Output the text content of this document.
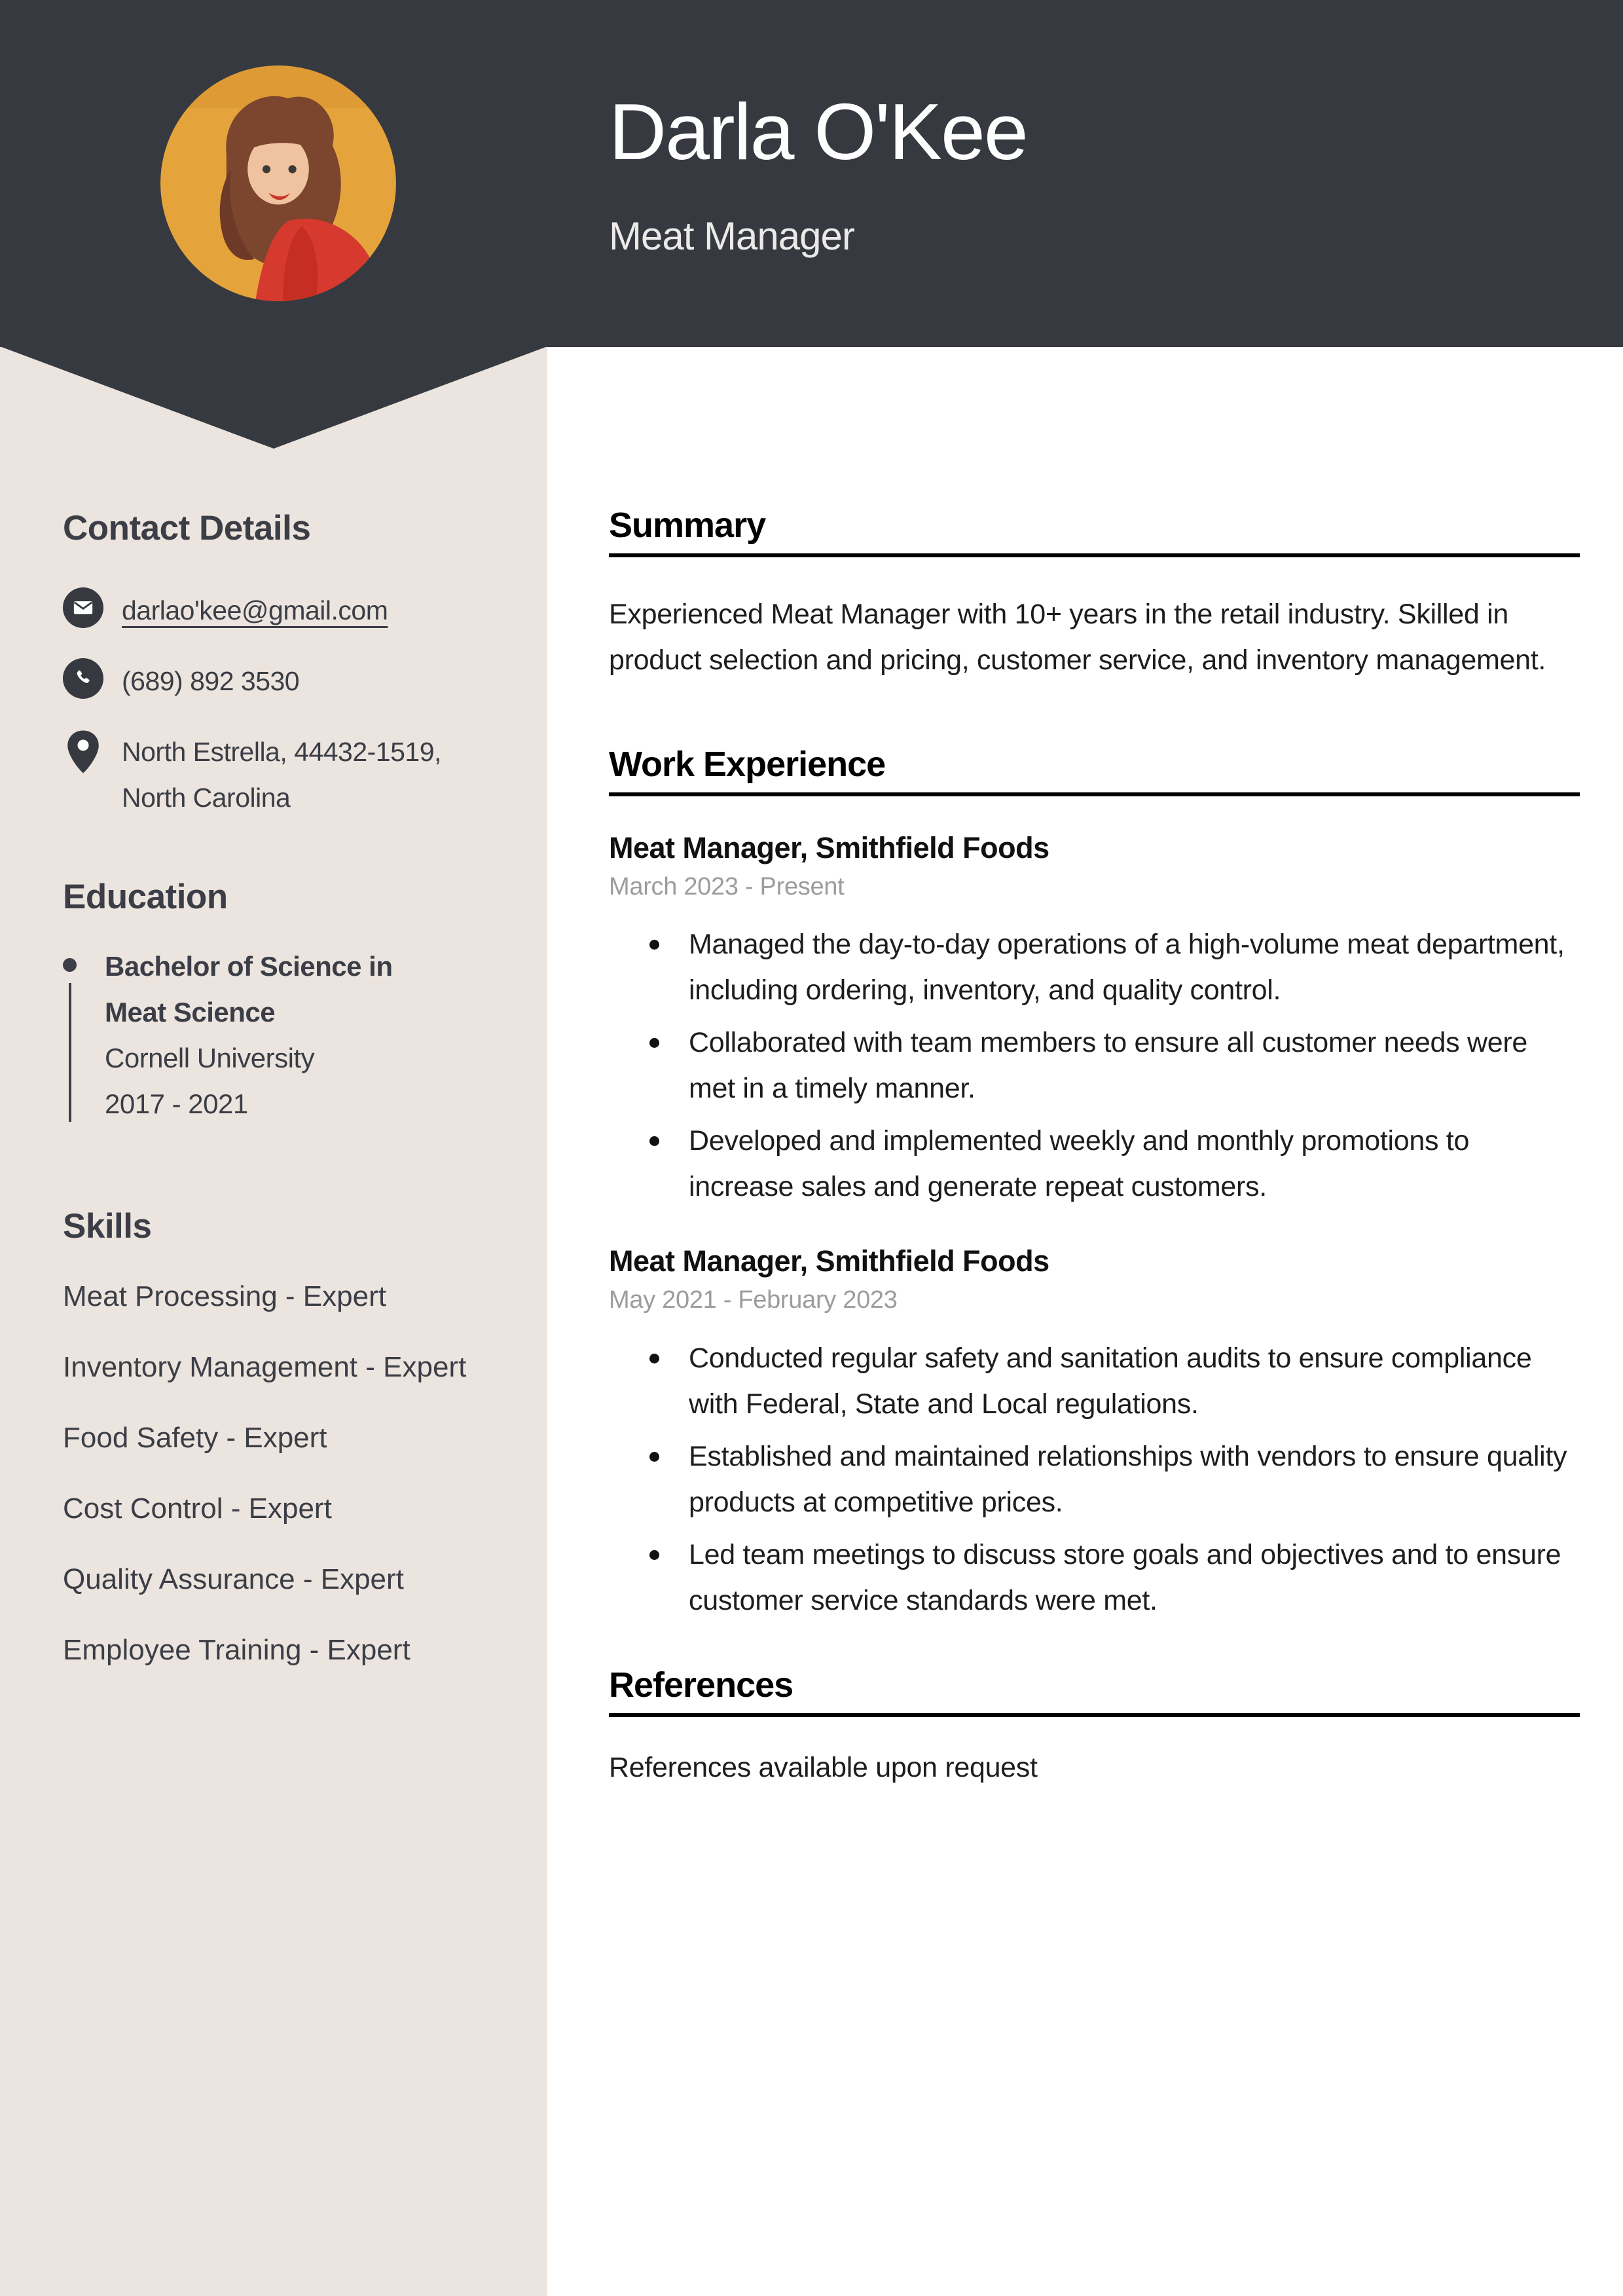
Contact Details
darlao'kee@gmail.com
(689) 892 3530
North Estrella, 44432-1519,
North Carolina
Education
Bachelor of Science in Meat Science
Cornell University
2017 - 2021
Skills
Meat Processing - Expert
Inventory Management - Expert
Food Safety - Expert
Cost Control - Expert
Quality Assurance - Expert
Employee Training - Expert
Darla O'Kee
Meat Manager
Summary

Experienced Meat Manager with 10+ years in the retail industry. Skilled in product selection and pricing, customer service, and inventory management.

Work Experience
Meat Manager, Smithfield Foods
March 2023 - Present
Managed the day-to-day operations of a high-volume meat department, including ordering, inventory, and quality control.
Collaborated with team members to ensure all customer needs were met in a timely manner.
Developed and implemented weekly and monthly promotions to increase sales and generate repeat customers.
Meat Manager, Smithfield Foods
May 2021 - February 2023
Conducted regular safety and sanitation audits to ensure compliance with Federal, State and Local regulations.
Established and maintained relationships with vendors to ensure quality products at competitive prices.
Led team meetings to discuss store goals and objectives and to ensure customer service standards were met.
References

References available upon request
